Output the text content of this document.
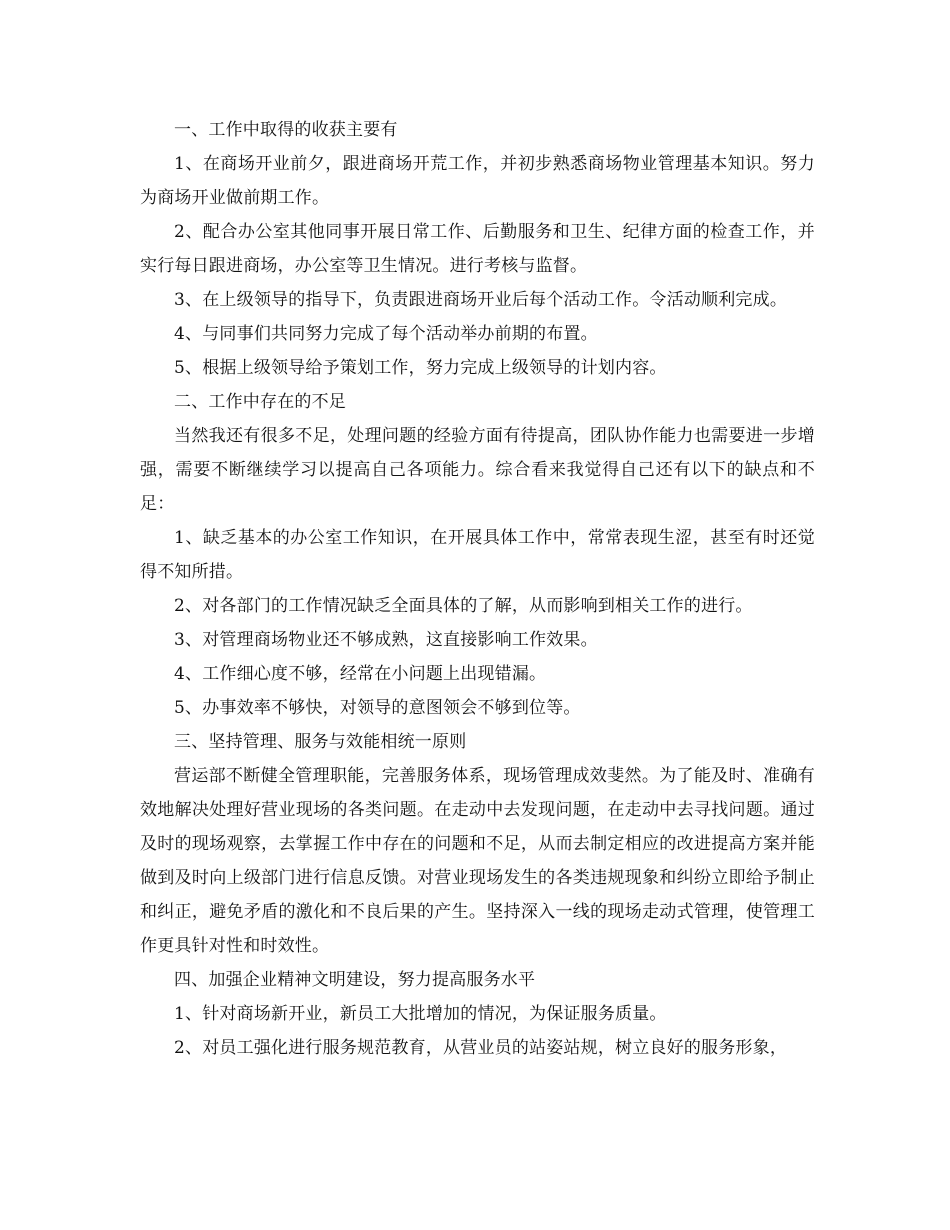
一、工作中取得的收获主要有

1、在商场开业前夕，跟进商场开荒工作，并初步熟悉商场物业管理基本知识。努力为商场开业做前期工作。

2、配合办公室其他同事开展日常工作、后勤服务和卫生、纪律方面的检查工作，并实行每日跟进商场，办公室等卫生情况。进行考核与监督。

3、在上级领导的指导下，负责跟进商场开业后每个活动工作。令活动顺利完成。

4、与同事们共同努力完成了每个活动举办前期的布置。

5、根据上级领导给予策划工作，努力完成上级领导的计划内容。

二、工作中存在的不足

当然我还有很多不足，处理问题的经验方面有待提高，团队协作能力也需要进一步增强，需要不断继续学习以提高自己各项能力。综合看来我觉得自己还有以下的缺点和不足：

1、缺乏基本的办公室工作知识，在开展具体工作中，常常表现生涩，甚至有时还觉得不知所措。

2、对各部门的工作情况缺乏全面具体的了解，从而影响到相关工作的进行。

3、对管理商场物业还不够成熟，这直接影响工作效果。

4、工作细心度不够，经常在小问题上出现错漏。

5、办事效率不够快，对领导的意图领会不够到位等。

三、坚持管理、服务与效能相统一原则

营运部不断健全管理职能，完善服务体系，现场管理成效斐然。为了能及时、准确有效地解决处理好营业现场的各类问题。在走动中去发现问题，在走动中去寻找问题。通过及时的现场观察，去掌握工作中存在的问题和不足，从而去制定相应的改进提高方案并能做到及时向上级部门进行信息反馈。对营业现场发生的各类违规现象和纠纷立即给予制止和纠正，避免矛盾的激化和不良后果的产生。坚持深入一线的现场走动式管理，使管理工作更具针对性和时效性。

四、加强企业精神文明建设，努力提高服务水平

1、针对商场新开业，新员工大批增加的情况，为保证服务质量。

2、对员工强化进行服务规范教育，从营业员的站姿站规，树立良好的服务形象，
